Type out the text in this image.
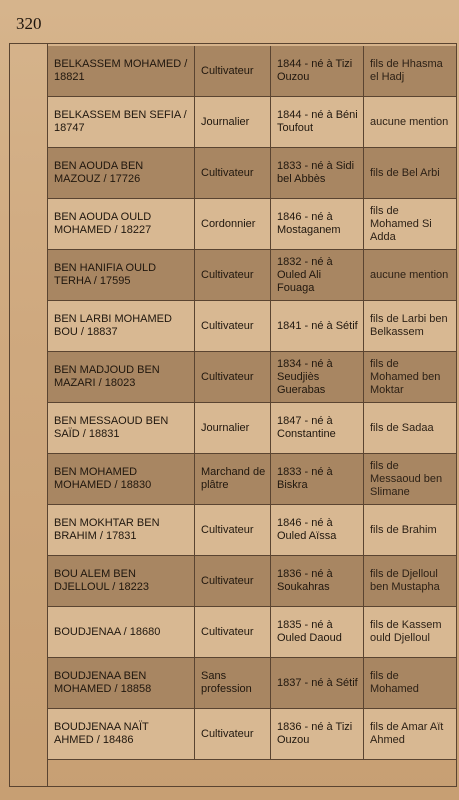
320
BELKASSEM MOHAMED / 18821
Cultivateur
1844 - né à Tizi Ouzou
fils de Hhasma el Hadj
BELKASSEM BEN SEFIA / 18747
Journalier
1844 - né à Béni Toufout
aucune mention
BEN AOUDA BEN MAZOUZ / 17726
Cultivateur
1833 - né à Sidi bel Abbès
fils de Bel Arbi
BEN AOUDA OULD MOHAMED / 18227
Cordonnier
1846 - né à Mostaganem
fils de Mohamed Si Adda
BEN HANIFIA OULD TERHA / 17595
Cultivateur
1832 - né à Ouled Ali Fouaga
aucune mention
BEN LARBI MOHAMED BOU / 18837
Cultivateur	1841 - né à Sétif
fils de Larbi ben Belkassem
BEN MADJOUD BEN MAZARI / 18023
Cultivateur
1834 - né à Seudjiès Guerabas
fils de Mohamed ben Moktar
BEN MESSAOUD BEN SAÏD / 18831
Journalier
1847 - né à Constantine
fils de Sadaa
BEN MOHAMED MOHAMED / 18830
Marchand de plâtre
1833 - né à Biskra
fils de Messaoud ben Slimane
BEN MOKHTAR BEN BRAHIM / 17831
Cultivateur
1846 - né à Ouled Aïssa
fils de Brahim
BOU ALEM BEN DJELLOUL / 18223
Cultivateur
1836 - né à Soukahras
fils de Djelloul ben Mustapha
BOUDJENAA / 18680	Cultivateur
1835 - né à Ouled Daoud
fils de Kassem ould Djelloul
BOUDJENAA BEN MOHAMED / 18858
Sans profession
1837 - né à Sétif
fils de Mohamed
BOUDJENAA NAÏT AHMED / 18486
Cultivateur
1836 - né à Tizi Ouzou
fils de Amar Aït Ahmed
